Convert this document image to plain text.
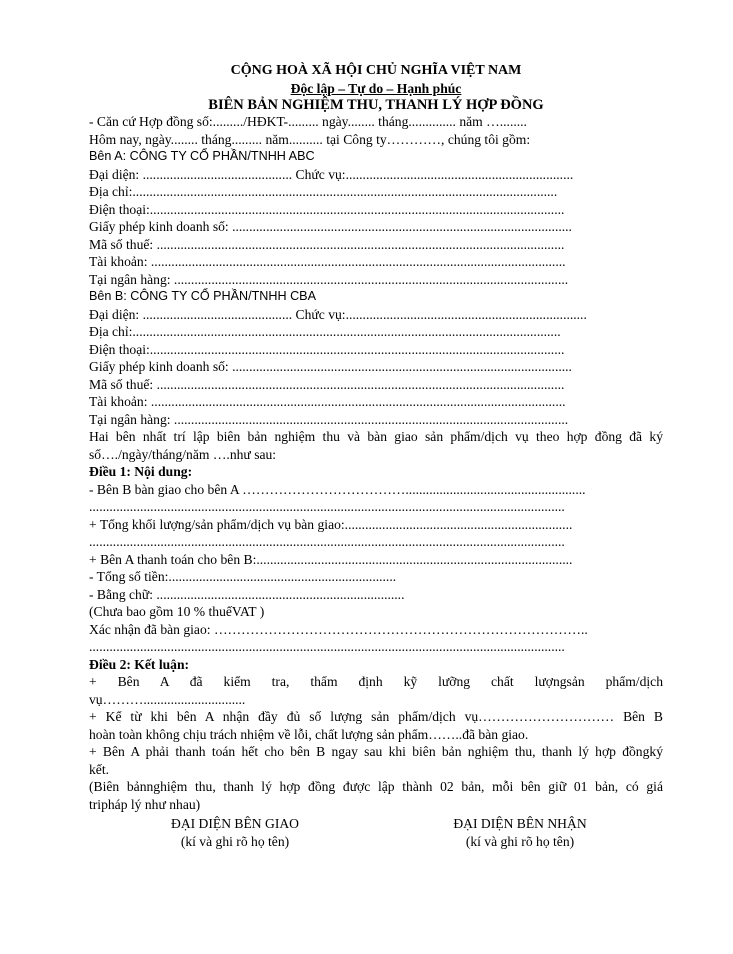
CỘNG HOÀ XÃ HỘI CHỦ NGHĨA VIỆT NAM
Độc lập – Tự do – Hạnh phúc
BIÊN BẢN NGHIỆM THU, THANH LÝ HỢP ĐỒNG
- Căn cứ Hợp đồng số:........./HĐKT-......... ngày........ tháng.............. năm …........
Hôm nay, ngày........ tháng......... năm.......... tại Công ty…………, chúng tôi gồm:
Bên A: CÔNG TY CỔ PHẦN/TNHH ABC
Đại diện: ............................................ Chức vụ:...................................................................
Địa chỉ:.............................................................................................................................
Điện thoại:..........................................................................................................................
Giấy phép kinh doanh số: ....................................................................................................
Mã số thuế: ........................................................................................................................
Tài khoản: ..........................................................................................................................
Tại ngân hàng: ....................................................................................................................
Bên B: CÔNG TY CỔ PHẦN/TNHH CBA
Đại diện: ............................................ Chức vụ:.......................................................................
Địa chỉ:..............................................................................................................................
Điện thoại:..........................................................................................................................
Giấy phép kinh doanh số: ....................................................................................................
Mã số thuế: ........................................................................................................................
Tài khoản: ..........................................................................................................................
Tại ngân hàng: ....................................................................................................................
Hai bên nhất trí lập biên bản nghiệm thu và bàn giao sản phẩm/dịch vụ theo hợp đồng đã ký
số…./ngày/tháng/năm ….như sau:
Điều 1: Nội dung:
- Bên B bàn giao cho bên A ……………………………….....................................................
............................................................................................................................................
+ Tổng khối lượng/sản phẩm/dịch vụ bàn giao:...................................................................
............................................................................................................................................
+ Bên A thanh toán cho bên B:.............................................................................................
- Tổng số tiền:...................................................................
- Bằng chữ: .........................................................................
(Chưa bao gồm 10 % thuếVAT )
Xác nhận đã bàn giao: ………………………………………………………………………..
............................................................................................................................................
Điều 2: Kết luận:
+ Bên A đã kiểm tra, thẩm định kỹ lưỡng chất lượngsản phẩm/dịch
vụ………..............................
+ Kể từ khi bên A nhận đầy đủ số lượng sản phẩm/dịch vụ………………………… Bên B
hoàn toàn không chịu trách nhiệm về lỗi, chất lượng sản phẩm……..đã bàn giao.
+ Bên A phải thanh toán hết cho bên B ngay sau khi biên bản nghiệm thu, thanh lý hợp đồngký
kết.
(Biên bảnnghiệm thu, thanh lý hợp đồng được lập thành 02 bản, mỗi bên giữ 01 bản, có giá
tripháp lý như nhau)
ĐẠI DIỆN BÊN GIAO
(kí và ghi rõ họ tên)
ĐẠI DIỆN BÊN NHẬN
(kí và ghi rõ họ tên)
